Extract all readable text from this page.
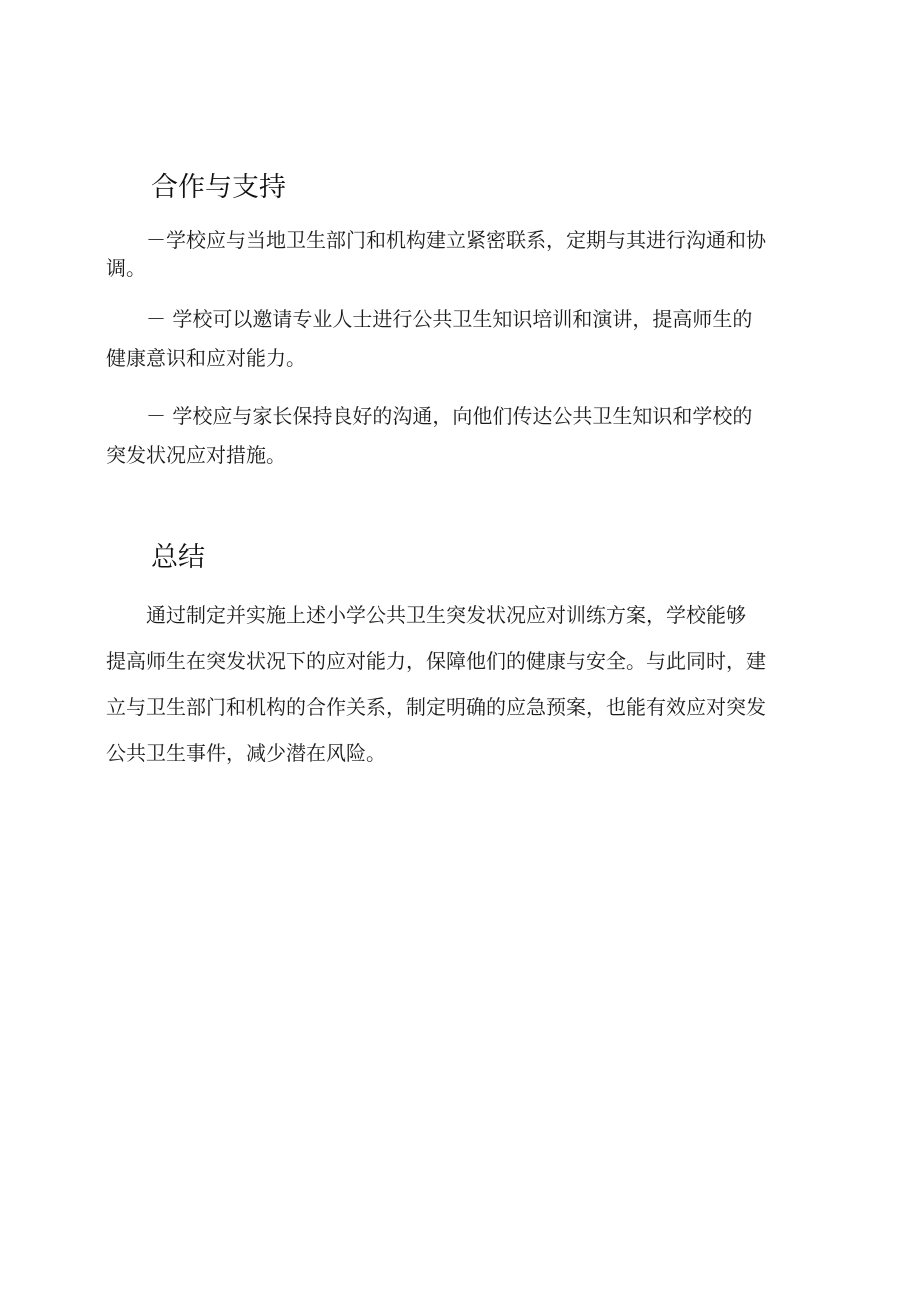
合作与支持

－学校应与当地卫生部门和机构建立紧密联系，定期与其进行沟通和协
调。

　　－ 学校可以邀请专业人士进行公共卫生知识培训和演讲，提高师生的
健康意识和应对能力。

　　－ 学校应与家长保持良好的沟通，向他们传达公共卫生知识和学校的
突发状况应对措施。

总结

　　通过制定并实施上述小学公共卫生突发状况应对训练方案，学校能够
提高师生在突发状况下的应对能力，保障他们的健康与安全。与此同时，建
立与卫生部门和机构的合作关系，制定明确的应急预案，也能有效应对突发
公共卫生事件，减少潜在风险。
